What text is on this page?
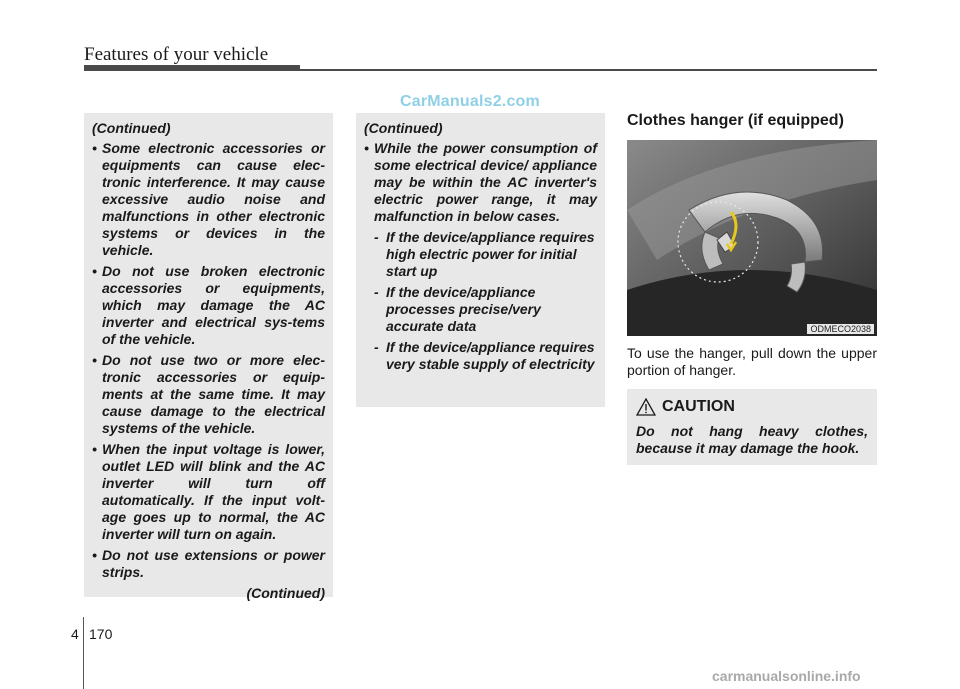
Features of your vehicle
CarManuals2.com

(Continued)

• Some electronic accessories or equipments can cause elec-tronic interference. It may cause excessive audio noise and malfunctions in other electronic systems or devices in the vehicle.

• Do not use broken electronic accessories or equipments, which may damage the AC inverter and electrical sys-tems of the vehicle.

• Do not use two or more elec-tronic accessories or equip-ments at the same time. It may cause damage to the electrical systems of the vehicle.

• When the input voltage is lower, outlet LED will blink and the AC inverter will turn off automatically. If the input volt-age goes up to normal, the AC inverter will turn on again.

• Do not use extensions or power strips.

(Continued)

(Continued)

• While the power consumption of some electrical device/ appliance may be within the AC inverter's electric power range, it may malfunction in below cases.

- If the device/appliance requires high electric power for initial start up

- If the device/appliance processes precise/very accurate data

- If the device/appliance requires very stable supply of electricity

Clothes hanger (if equipped)
ODMECO2038
To use the hanger, pull down the upper portion of hanger.
CAUTION
Do not hang heavy clothes, because it may damage the hook.
4 170
carmanualsonline.info
